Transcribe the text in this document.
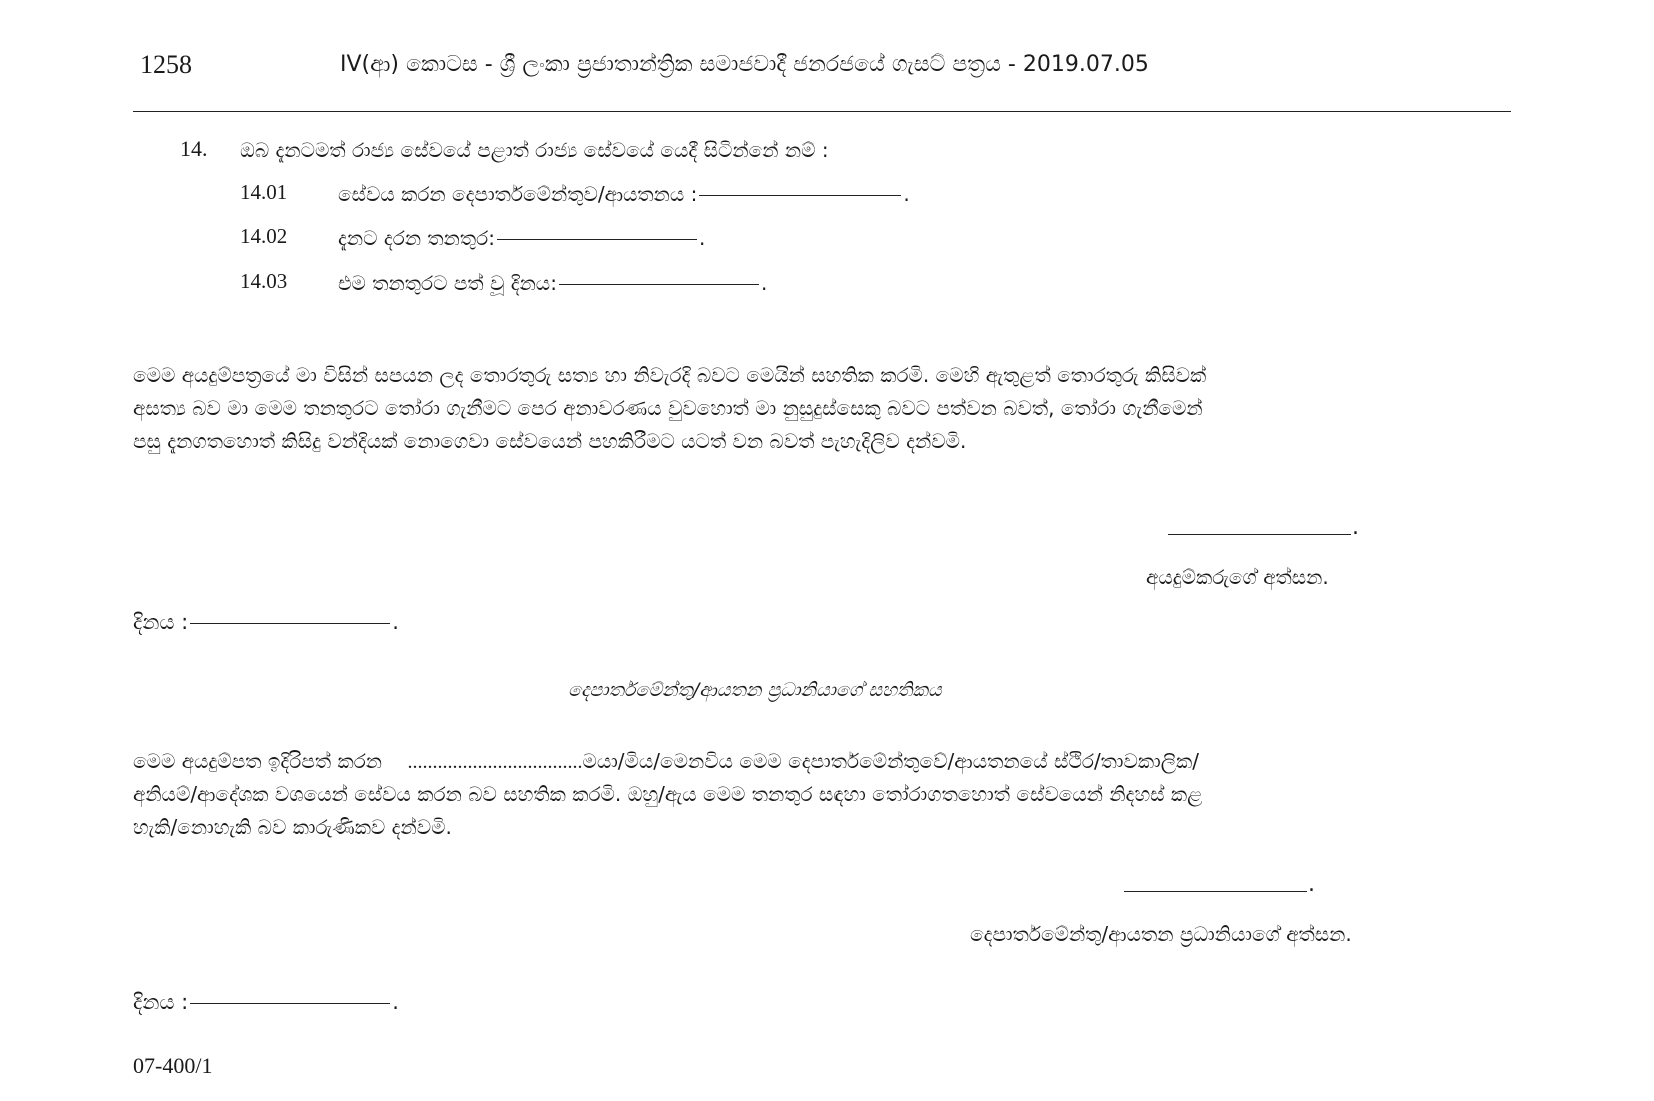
1258	IV(ආ) කොටස - ශ්‍රී ලංකා ප්‍රජාතාන්ත්‍රික සමාජවාදී ජනරජයේ ගැසට් පත්‍රය - 2019.07.05
14. ඔබ දැනටමත් රාජ්‍ය සේවයේ පළාත් රාජ්‍ය සේවයේ යෙදී සිටින්නේ නම් :
14.01	සේවය කරන දෙපාර්තමේන්තුව/ආයතනය :	.
14.02	දැනට දරන තනතුර:	.
14.03	එම තනතුරට පත් වූ දිනය:	.
මෙම අයදුම්පත්‍රයේ මා විසින් සපයන ලද තොරතුරු සත්‍ය හා නිවැරදි බවට මෙයින් සහතික කරමි. මෙහි ඇතුළත් තොරතුරු කිසිවක්
අසත්‍ය බව මා මෙම තනතුරට තෝරා ගැනීමට පෙර අනාවරණය වුවහොත් මා නුසුදුස්සෙකු බවට පත්වන බවත්, තෝරා ගැනීමෙන්
පසු දැනගතහොත් කිසිදු වන්දියක් නොගෙවා සේවයෙන් පහකිරීමට යටත් වන බවත් පැහැදිලිව දන්වමි.
.
අයදුම්කරුගේ අත්සන.
දිනය :	.
දෙපාර්තමේන්තු/ආයතන ප්‍රධානියාගේ සහතිකය
මෙම අයදුම්පත ඉදිරිපත් කරන ...................................මයා/මිය/මෙනවිය මෙම දෙපාර්තමේන්තුවේ/ආයතනයේ ස්ථිර/තාවකාලික/
අනියම්/ආදේශක වශයෙන් සේවය කරන බව සහතික කරමි. ඔහු/ඇය මෙම තනතුර සඳහා තෝරාගතහොත් සේවයෙන් නිදහස් කළ
හැකි/නොහැකි බව කාරුණිකව දන්වමි.
.
දෙපාර්තමේන්තු/ආයතන ප්‍රධානියාගේ අත්සන.
දිනය :	.
07-400/1
